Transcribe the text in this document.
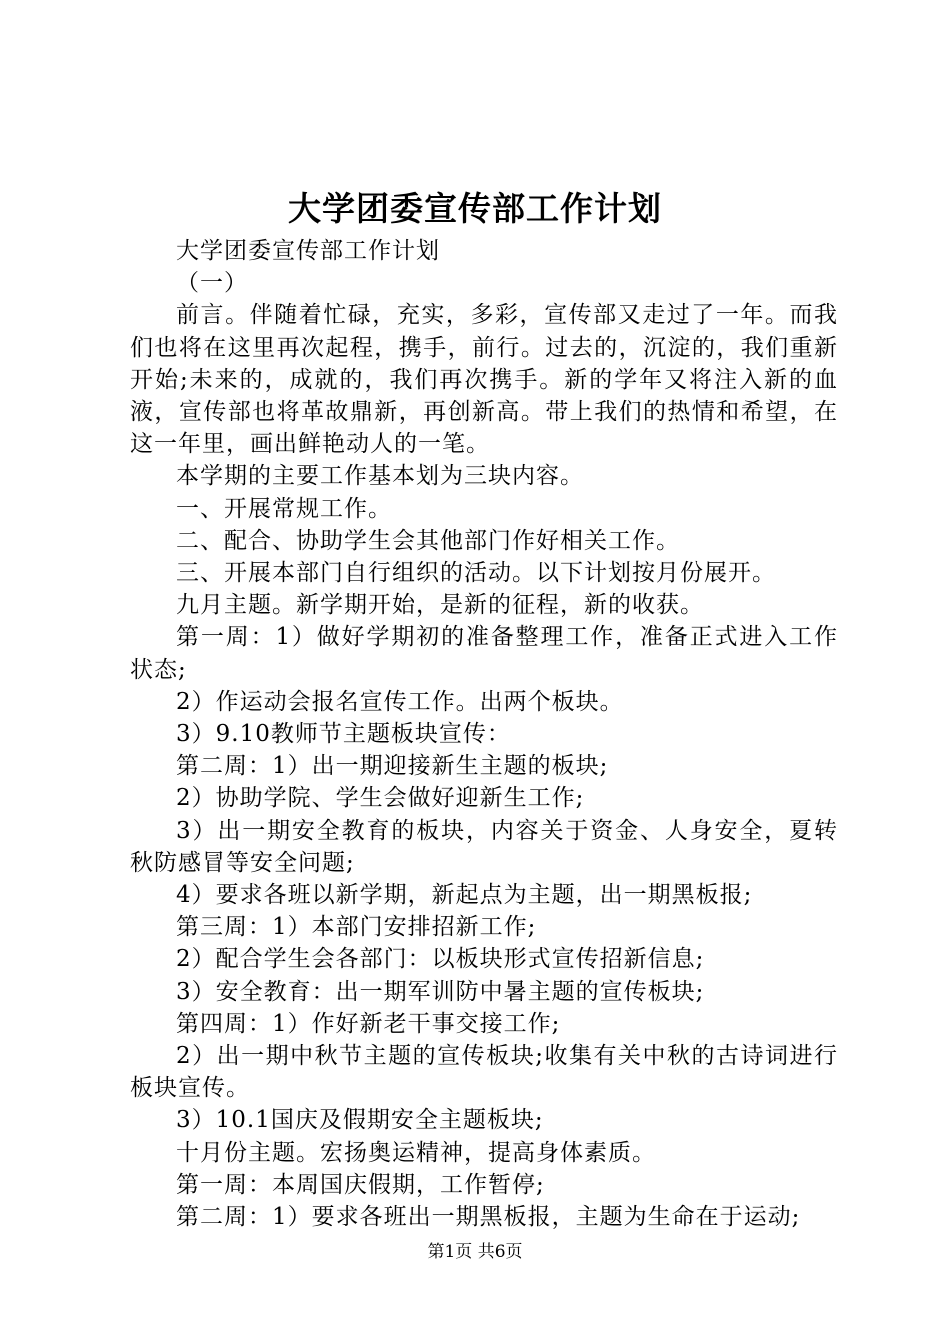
大学团委宣传部工作计划

大学团委宣传部工作计划

（一）

前言。伴随着忙碌，充实，多彩，宣传部又走过了一年。而我们也将在这里再次起程，携手，前行。过去的，沉淀的，我们重新开始;未来的，成就的，我们再次携手。新的学年又将注入新的血液，宣传部也将革故鼎新，再创新高。带上我们的热情和希望，在这一年里，画出鲜艳动人的一笔。

本学期的主要工作基本划为三块内容。

一、开展常规工作。

二、配合、协助学生会其他部门作好相关工作。

三、开展本部门自行组织的活动。以下计划按月份展开。

九月主题。新学期开始，是新的征程，新的收获。

第一周：1）做好学期初的准备整理工作，准备正式进入工作状态;

2）作运动会报名宣传工作。出两个板块。

3）9.10教师节主题板块宣传：

第二周：1）出一期迎接新生主题的板块;

2）协助学院、学生会做好迎新生工作;

3）出一期安全教育的板块，内容关于资金、人身安全，夏转秋防感冒等安全问题;

4）要求各班以新学期，新起点为主题，出一期黑板报;

第三周：1）本部门安排招新工作;

2）配合学生会各部门：以板块形式宣传招新信息;

3）安全教育：出一期军训防中暑主题的宣传板块;

第四周：1）作好新老干事交接工作;

2）出一期中秋节主题的宣传板块;收集有关中秋的古诗词进行板块宣传。

3）10.1国庆及假期安全主题板块;

十月份主题。宏扬奥运精神，提高身体素质。

第一周：本周国庆假期，工作暂停;

第二周：1）要求各班出一期黑板报，主题为生命在于运动;

第1页 共6页
